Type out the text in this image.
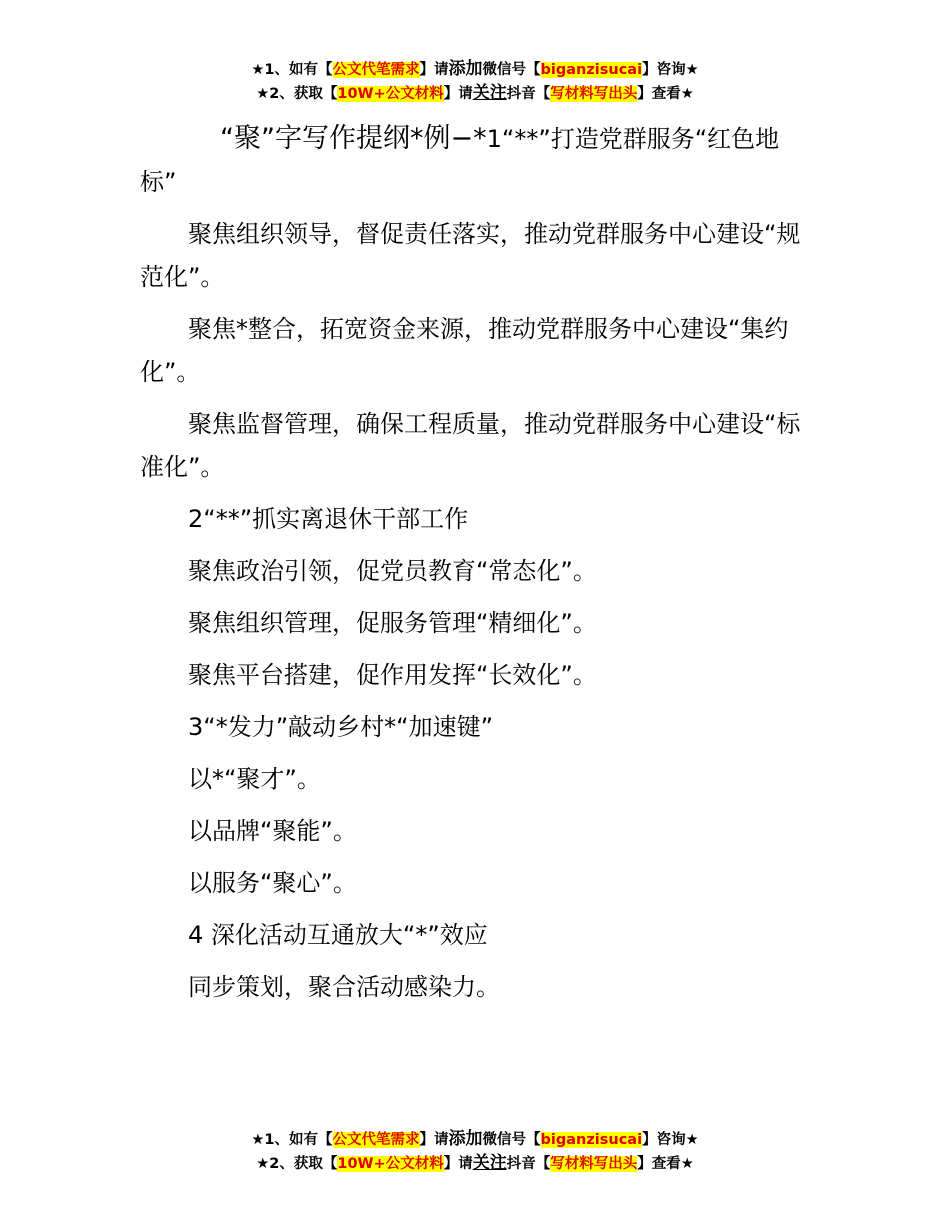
★1、如有【公文代笔需求】请添加微信号【biganzisucai】咨询★
★2、获取【10W+公文材料】请关注抖音【写材料写出头】查看★

“聚”字写作提纲*例−*1“**”打造党群服务“红色地标”

聚焦组织领导，督促责任落实，推动党群服务中心建设“规范化”。

聚焦*整合，拓宽资金来源，推动党群服务中心建设“集约化”。

聚焦监督管理，确保工程质量，推动党群服务中心建设“标准化”。

2“**”抓实离退休干部工作

聚焦政治引领，促党员教育“常态化”。

聚焦组织管理，促服务管理“精细化”。

聚焦平台搭建，促作用发挥“长效化”。

3“*发力”敲动乡村*“加速键”

以*“聚才”。

以品牌“聚能”。

以服务“聚心”。

4 深化活动互通放大“*”效应

同步策划，聚合活动感染力。

★1、如有【公文代笔需求】请添加微信号【biganzisucai】咨询★
★2、获取【10W+公文材料】请关注抖音【写材料写出头】查看★
